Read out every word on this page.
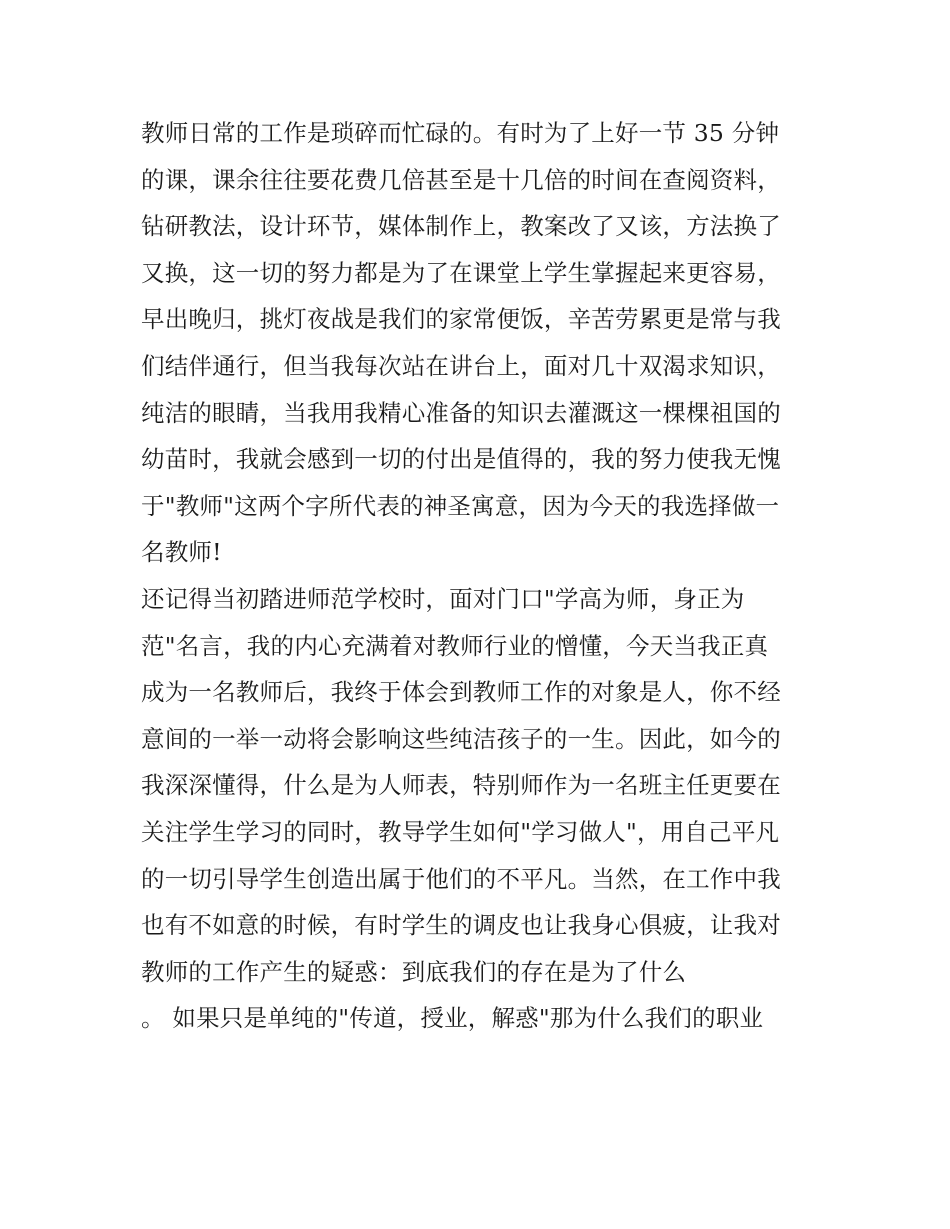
教师日常的工作是琐碎而忙碌的。有时为了上好一节 35 分钟
的课，课余往往要花费几倍甚至是十几倍的时间在查阅资料，
钻研教法，设计环节，媒体制作上，教案改了又该，方法换了
又换，这一切的努力都是为了在课堂上学生掌握起来更容易，
早出晚归，挑灯夜战是我们的家常便饭，辛苦劳累更是常与我
们结伴通行，但当我每次站在讲台上，面对几十双渴求知识，
纯洁的眼睛，当我用我精心准备的知识去灌溉这一棵棵祖国的
幼苗时，我就会感到一切的付出是值得的，我的努力使我无愧
于"教师"这两个字所代表的神圣寓意，因为今天的我选择做一
名教师!
还记得当初踏进师范学校时，面对门口"学高为师，身正为
范"名言，我的内心充满着对教师行业的憎懂，今天当我正真
成为一名教师后，我终于体会到教师工作的对象是人，你不经
意间的一举一动将会影响这些纯洁孩子的一生。因此，如今的
我深深懂得，什么是为人师表，特别师作为一名班主任更要在
关注学生学习的同时，教导学生如何"学习做人"，用自己平凡
的一切引导学生创造出属于他们的不平凡。当然，在工作中我
也有不如意的时候，有时学生的调皮也让我身心俱疲，让我对
教师的工作产生的疑惑：到底我们的存在是为了什么
。 如果只是单纯的"传道，授业，解惑"那为什么我们的职业
